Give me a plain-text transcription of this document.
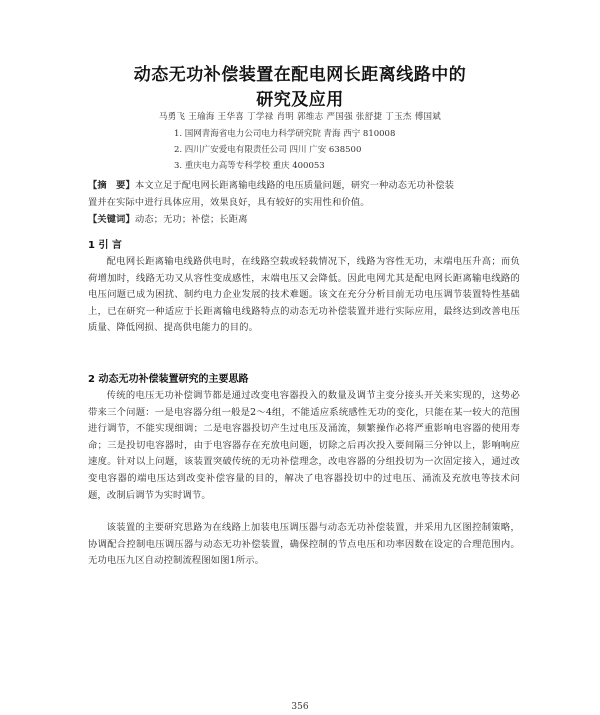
动态无功补偿装置在配电网长距离线路中的
研究及应用
马勇飞 王瑜海 王华喜 丁学禄 肖明 郭维志 严国强 张舒捷 丁玉杰 傅国斌
1. 国网青海省电力公司电力科学研究院 青海 西宁 810008
2. 四川广安爱电有限责任公司 四川 广安 638500
3. 重庆电力高等专科学校 重庆 400053
【摘　要】本文立足于配电网长距离输电线路的电压质量问题，研究一种动态无功补偿装
置并在实际中进行具体应用，效果良好，具有较好的实用性和价值。
【关键词】动态；无功；补偿；长距离
1 引 言
配电网长距离输电线路供电时，在线路空载或轻载情况下，线路为容性无功，末端电压升高；而负荷增加时，线路无功又从容性变成感性，末端电压又会降低。因此电网尤其是配电网长距离输电线路的电压问题已成为困扰、制约电力企业发展的技术难题。该文在充分分析目前无功电压调节装置特性基础上，已在研究一种适应于长距离输电线路特点的动态无功补偿装置并进行实际应用，最终达到改善电压质量、降低网损、提高供电能力的目的。
2 动态无功补偿装置研究的主要思路
传统的电压无功补偿调节都是通过改变电容器投入的数量及调节主变分接头开关来实现的，这势必带来三个问题：一是电容器分组一般是2～4组，不能适应系统感性无功的变化，只能在某一较大的范围进行调节，不能实现细调；二是电容器投切产生过电压及涌流，频繁操作必将严重影响电容器的使用寿命；三是投切电容器时，由于电容器存在充放电问题，切除之后再次投入要间隔三分钟以上，影响响应速度。针对以上问题，该装置突破传统的无功补偿理念，改电容器的分组投切为一次固定接入，通过改变电容器的端电压达到改变补偿容量的目的，解决了电容器投切中的过电压、涌流及充放电等技术问题，改制后调节为实时调节。
该装置的主要研究思路为在线路上加装电压调压器与动态无功补偿装置，并采用九区图控制策略，协调配合控制电压调压器与动态无功补偿装置，确保控制的节点电压和功率因数在设定的合理范围内。无功电压九区自动控制流程图如图1所示。
356
